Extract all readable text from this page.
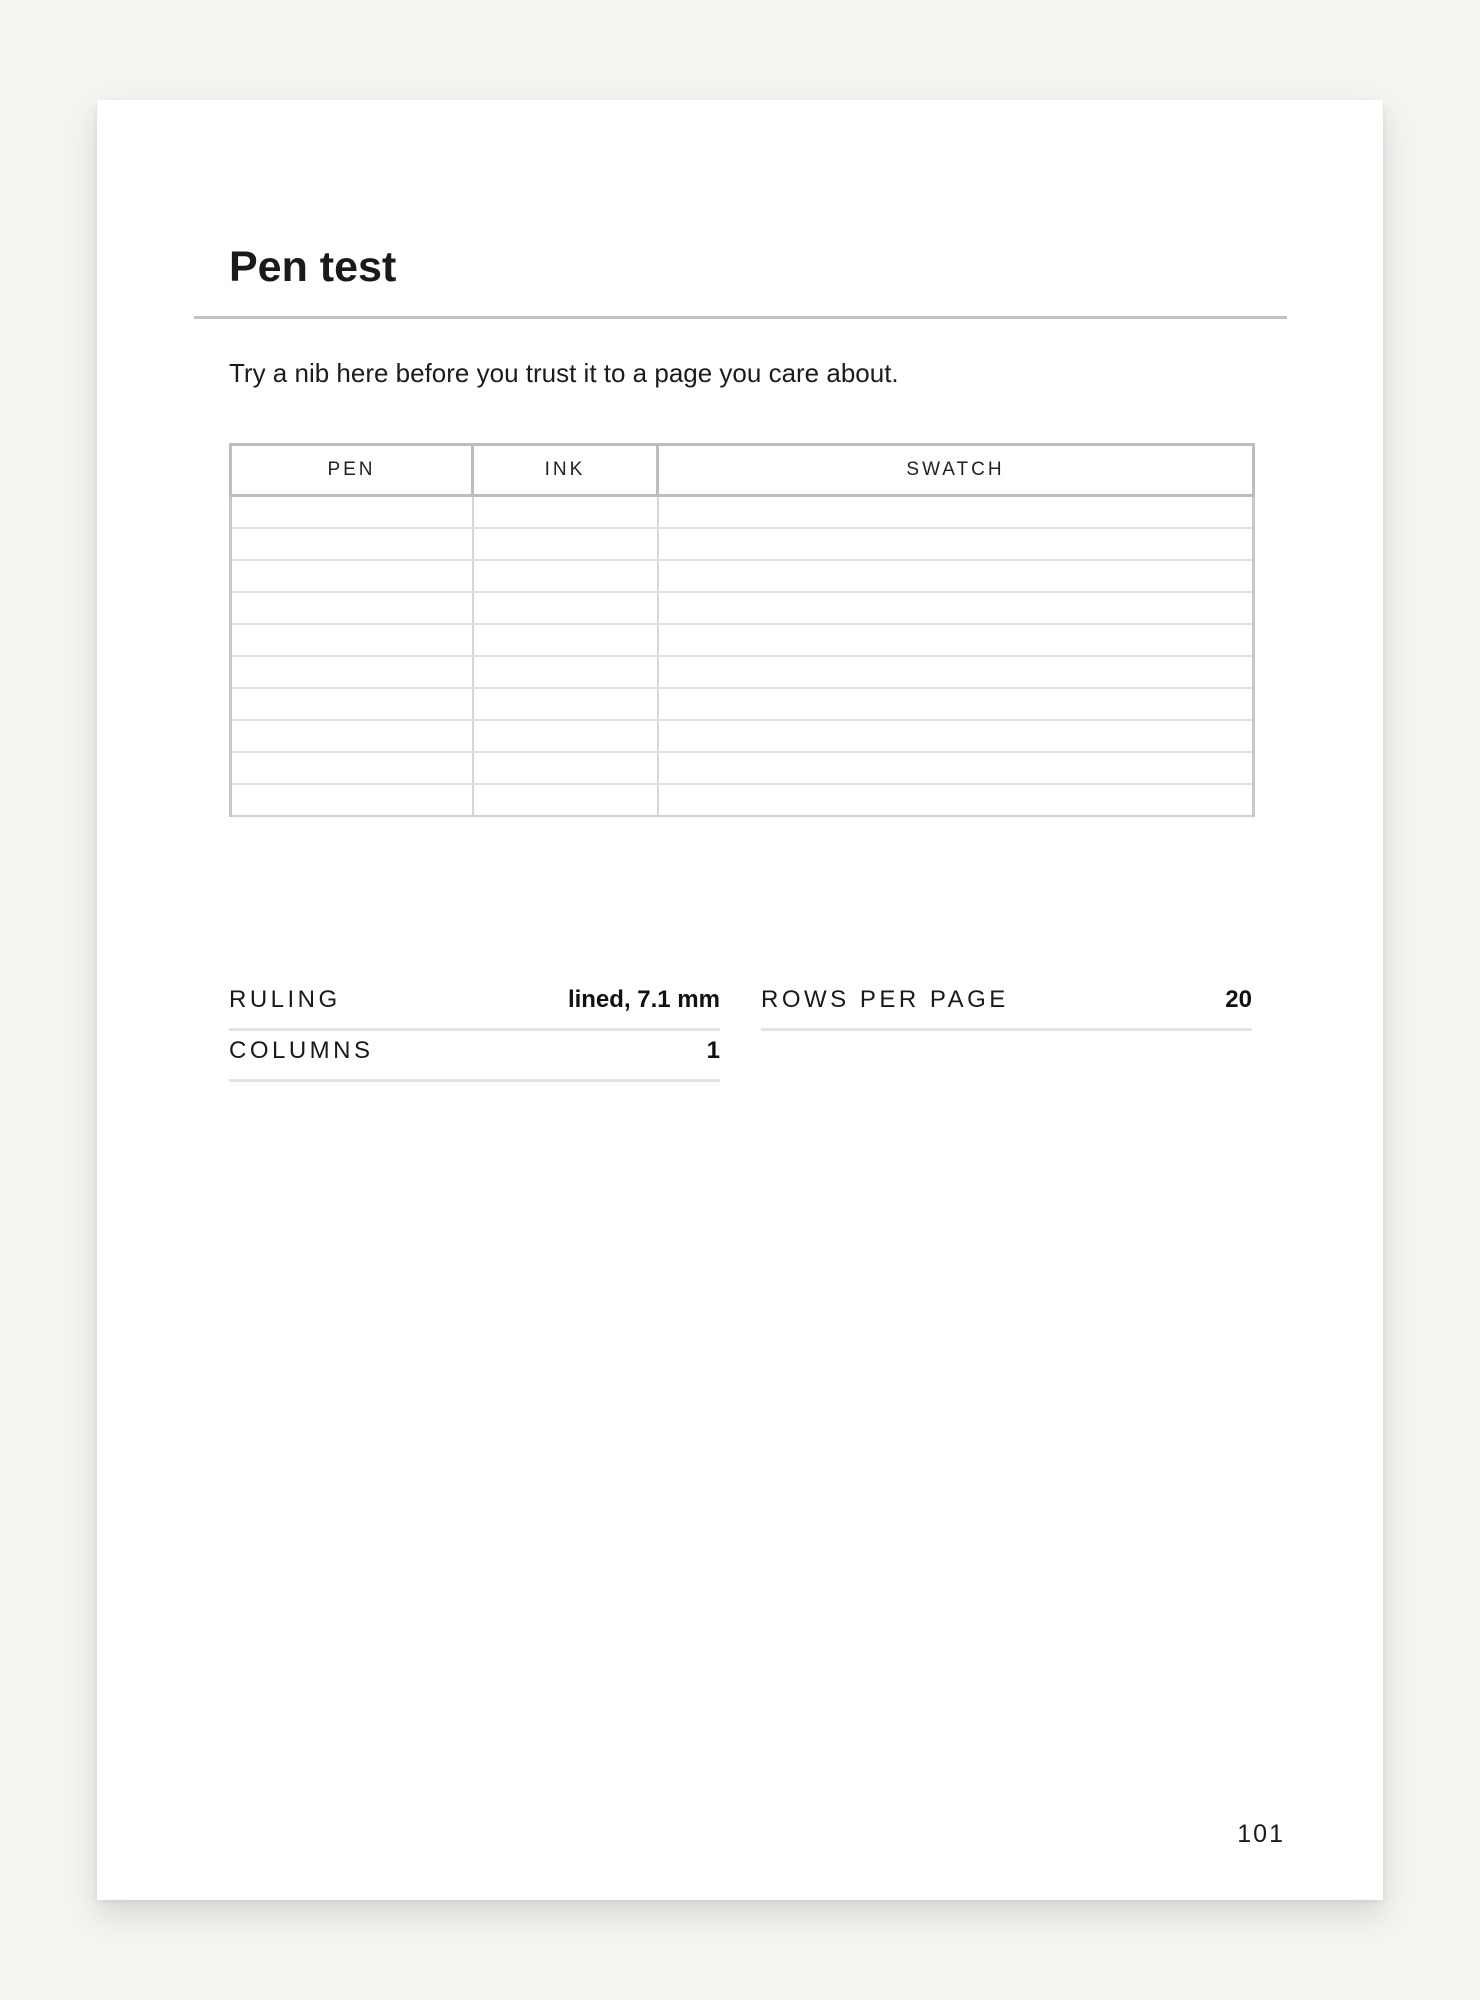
Pen test

Try a nib here before you trust it to a page you care about.

PEN	INK	SWATCH

RULING	lined, 7.1 mm
COLUMNS	1
ROWS PER PAGE	20
101
